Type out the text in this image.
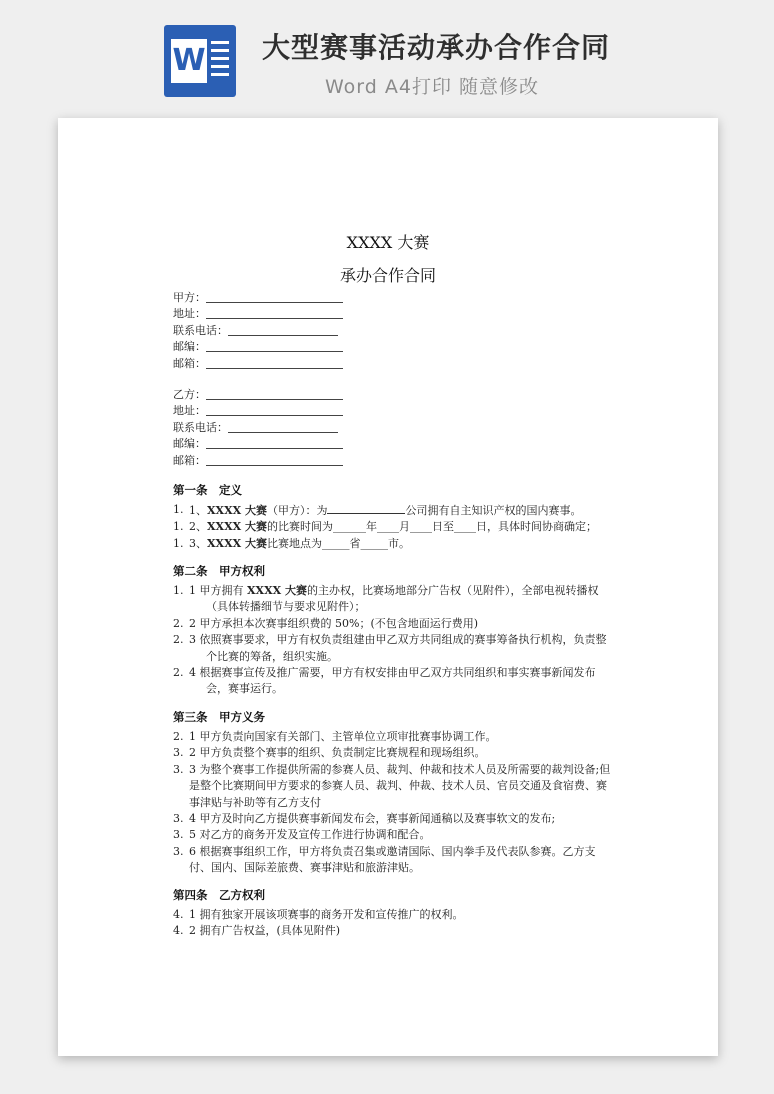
W 大型赛事活动承办合作合同
Word A4打印 随意修改
XXXX 大赛
承办合作合同
甲方：
地址：
联系电话：
邮编：
邮箱：
乙方：
地址：
联系电话：
邮编：
邮箱：
第一条　定义
1. 1、XXXX 大赛（甲方）：为	公司拥有自主知识产权的国内赛事。
1. 2、XXXX 大赛的比赛时间为______年____月____日至____日，具体时间协商确定；
1. 3、XXXX 大赛比赛地点为_____省_____市。
第二条　甲方权利
1. 1 甲方拥有 XXXX 大赛的主办权，比赛场地部分广告权（见附件），全部电视转播权（具体转播细节与要求见附件）；
2. 2 甲方承担本次赛事组织费的 50%；(不包含地面运行费用)
2. 3 依照赛事要求，甲方有权负责组建由甲乙双方共同组成的赛事筹备执行机构，负责整个比赛的筹备，组织实施。
2. 4 根据赛事宣传及推广需要，甲方有权安排由甲乙双方共同组织和事实赛事新闻发布会，赛事运行。
第三条　甲方义务
2. 1 甲方负责向国家有关部门、主管单位立项审批赛事协调工作。
3. 2 甲方负责整个赛事的组织、负责制定比赛规程和现场组织。
3. 3 为整个赛事工作提供所需的参赛人员、裁判、仲裁和技术人员及所需要的裁判设备;但是整个比赛期间甲方要求的参赛人员、裁判、仲裁、技术人员、官员交通及食宿费、赛事津贴与补助等有乙方支付
3. 4 甲方及时向乙方提供赛事新闻发布会，赛事新闻通稿以及赛事软文的发布;
3. 5 对乙方的商务开发及宣传工作进行协调和配合。
3. 6 根据赛事组织工作，甲方将负责召集或邀请国际、国内拳手及代表队参赛。乙方支付、国内、国际差旅费、赛事津贴和旅游津贴。
第四条　乙方权利
4. 1 拥有独家开展该项赛事的商务开发和宣传推广的权利。
4. 2 拥有广告权益，(具体见附件)
